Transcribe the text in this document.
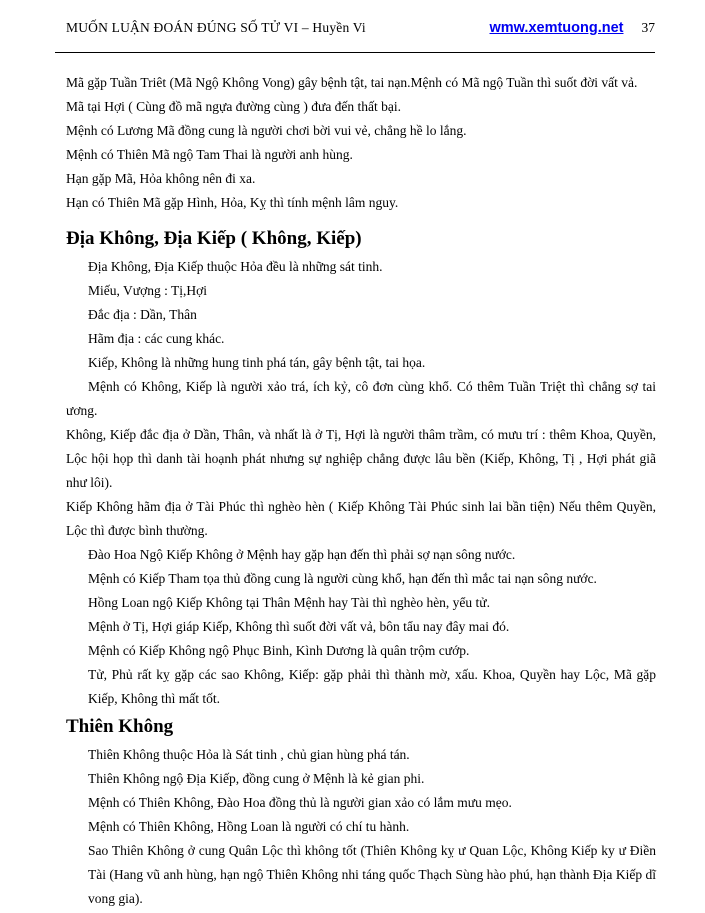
MUỐN LUẬN ĐOÁN ĐÚNG SỐ TỬ VI – Huyền Vi	wmw.xemtuong.net 37

Mã gặp Tuần Triêt (Mã Ngộ Không Vong) gây bệnh tật, tai nạn.Mệnh có Mã ngộ Tuần thì suốt đời vất vả.

Mã tại Hợi ( Cùng đồ mã ngựa đường cùng ) đưa đến thất bại.

Mệnh có Lương Mã đồng cung là người chơi bời vui vẻ, chẳng hề lo lắng.

Mệnh có Thiên Mã ngộ Tam Thai là người anh hùng.

Hạn gặp Mã, Hỏa không nên đi xa.

Hạn có Thiên Mã gặp Hình, Hỏa, Kỵ thì tính mệnh lâm nguy.

Địa Không, Địa Kiếp ( Không, Kiếp)

Địa Không, Địa Kiếp thuộc Hỏa đều là những sát tinh.

Miếu, Vượng : Tị,Hợi

Đắc địa : Dần, Thân

Hãm địa : các cung khác.

Kiếp, Không là những hung tinh phá tán, gây bệnh tật, tai họa.

Mệnh có Không, Kiếp là người xảo trá, ích kỷ, cô đơn cùng khổ. Có thêm Tuần Triệt thì chẳng sợ tai ương.

Không, Kiếp đắc địa ở Dần, Thân, và nhất là ở Tị, Hợi là người thâm trầm, có mưu trí : thêm Khoa, Quyền, Lộc hội họp thì danh tài hoạnh phát nhưng sự nghiệp chẳng được lâu bền (Kiếp, Không, Tị , Hợi phát giã như lôi).

Kiếp Không hãm địa ở Tài Phúc thì nghèo hèn ( Kiếp Không Tài Phúc sinh lai bần tiện) Nếu thêm Quyền, Lộc thì được bình thường.

Đào Hoa Ngộ Kiếp Không ở Mệnh hay gặp hạn đến thì phải sợ nạn sông nước.

Mệnh có Kiếp Tham tọa thủ đồng cung là người cùng khổ, hạn đến thì mắc tai nạn sông nước.

Hồng Loan ngộ Kiếp Không tại Thân Mệnh hay Tài thì nghèo hèn, yểu tử.

Mệnh ở Tị, Hợi giáp Kiếp, Không thì suốt đời vất vả, bôn tẩu nay đây mai đó.

Mệnh có Kiếp Không ngộ Phục Binh, Kình Dương là quân trộm cướp.

Tử, Phủ rất kỵ gặp các sao Không, Kiếp: gặp phải thì thành mờ, xấu. Khoa, Quyền hay Lộc, Mã gặp Kiếp, Không thì mất tốt.

Thiên Không

Thiên Không thuộc Hỏa là Sát tinh , chủ gian hùng phá tán.

Thiên Không ngộ Địa Kiếp, đồng cung ở Mệnh là kẻ gian phi.

Mệnh có Thiên Không, Đào Hoa đồng thủ là người gian xảo có lắm mưu mẹo.

Mệnh có Thiên Không, Hồng Loan là người có chí tu hành.

Sao Thiên Không ở cung Quân Lộc thì không tốt (Thiên Không kỵ ư Quan Lộc, Không Kiếp ky ư Điền Tài (Hang vũ anh hùng, hạn ngộ Thiên Không nhi táng quốc Thạch Sùng hào phú, hạn thành Địa Kiếp dĩ vong gia).
